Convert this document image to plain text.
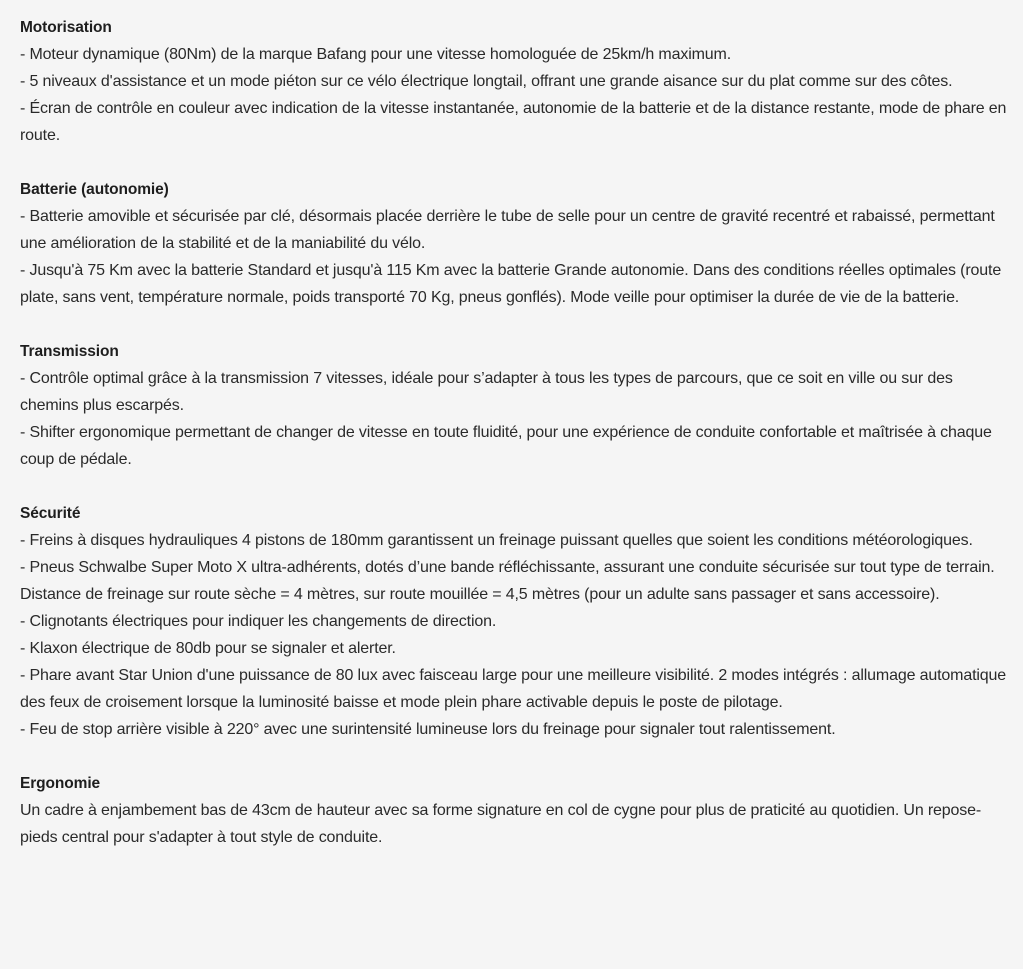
Motorisation

- Moteur dynamique (80Nm) de la marque Bafang pour une vitesse homologuée de 25km/h maximum.

- 5 niveaux d'assistance et un mode piéton sur ce vélo électrique longtail, offrant une grande aisance sur du plat comme sur des côtes.

- Écran de contrôle en couleur avec indication de la vitesse instantanée, autonomie de la batterie et de la distance restante, mode de phare en route.

Batterie (autonomie)

- Batterie amovible et sécurisée par clé, désormais placée derrière le tube de selle pour un centre de gravité recentré et rabaissé, permettant une amélioration de la stabilité et de la maniabilité du vélo.

- Jusqu'à 75 Km avec la batterie Standard et jusqu'à 115 Km avec la batterie Grande autonomie. Dans des conditions réelles optimales (route plate, sans vent, température normale, poids transporté 70 Kg, pneus gonflés). Mode veille pour optimiser la durée de vie de la batterie.

Transmission

- Contrôle optimal grâce à la transmission 7 vitesses, idéale pour s’adapter à tous les types de parcours, que ce soit en ville ou sur des chemins plus escarpés.

- Shifter ergonomique permettant de changer de vitesse en toute fluidité, pour une expérience de conduite confortable et maîtrisée à chaque coup de pédale.

Sécurité

- Freins à disques hydrauliques 4 pistons de 180mm garantissent un freinage puissant quelles que soient les conditions météorologiques.

- Pneus Schwalbe Super Moto X ultra-adhérents, dotés d’une bande réfléchissante, assurant une conduite sécurisée sur tout type de terrain. Distance de freinage sur route sèche = 4 mètres, sur route mouillée = 4,5 mètres (pour un adulte sans passager et sans accessoire).

- Clignotants électriques pour indiquer les changements de direction.

- Klaxon électrique de 80db pour se signaler et alerter.

- Phare avant Star Union d'une puissance de 80 lux avec faisceau large pour une meilleure visibilité. 2 modes intégrés : allumage automatique des feux de croisement lorsque la luminosité baisse et mode plein phare activable depuis le poste de pilotage.

- Feu de stop arrière visible à 220° avec une surintensité lumineuse lors du freinage pour signaler tout ralentissement.

Ergonomie

Un cadre à enjambement bas de 43cm de hauteur avec sa forme signature en col de cygne pour plus de praticité au quotidien. Un repose-pieds central pour s'adapter à tout style de conduite.
